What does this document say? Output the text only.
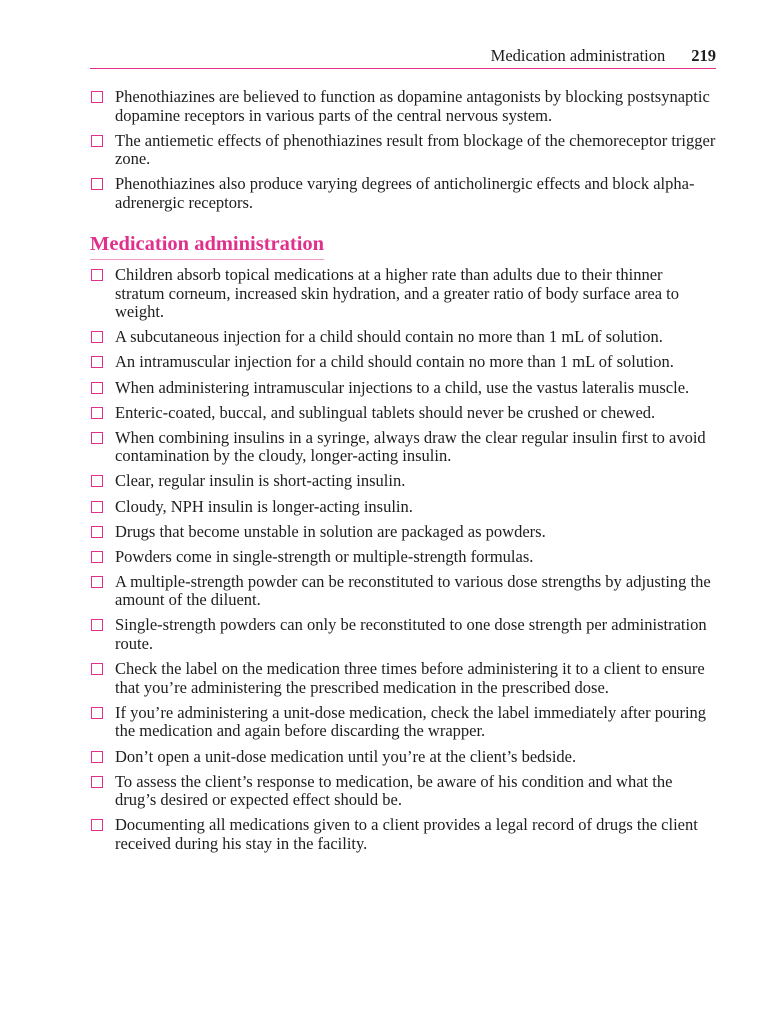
Medication administration 219
Phenothiazines are believed to function as dopamine antagonists by blocking postsynaptic dopamine receptors in various parts of the central nervous system.
The antiemetic effects of phenothiazines result from blockage of the chemoreceptor trigger zone.
Phenothiazines also produce varying degrees of anticholinergic effects and block alpha-adrenergic receptors.
Medication administration
Children absorb topical medications at a higher rate than adults due to their thinner stratum corneum, increased skin hydration, and a greater ratio of body surface area to weight.
A subcutaneous injection for a child should contain no more than 1 mL of solution.
An intramuscular injection for a child should contain no more than 1 mL of solution.
When administering intramuscular injections to a child, use the vastus lateralis muscle.
Enteric-coated, buccal, and sublingual tablets should never be crushed or chewed.
When combining insulins in a syringe, always draw the clear regular insulin first to avoid contamination by the cloudy, longer-acting insulin.
Clear, regular insulin is short-acting insulin.
Cloudy, NPH insulin is longer-acting insulin.
Drugs that become unstable in solution are packaged as powders.
Powders come in single-strength or multiple-strength formulas.
A multiple-strength powder can be reconstituted to various dose strengths by adjusting the amount of the diluent.
Single-strength powders can only be reconstituted to one dose strength per administration route.
Check the label on the medication three times before administering it to a client to ensure that you’re administering the prescribed medication in the prescribed dose.
If you’re administering a unit-dose medication, check the label immediately after pouring the medication and again before discarding the wrapper.
Don’t open a unit-dose medication until you’re at the client’s bedside.
To assess the client’s response to medication, be aware of his condition and what the drug’s desired or expected effect should be.
Documenting all medications given to a client provides a legal record of drugs the client received during his stay in the facility.
